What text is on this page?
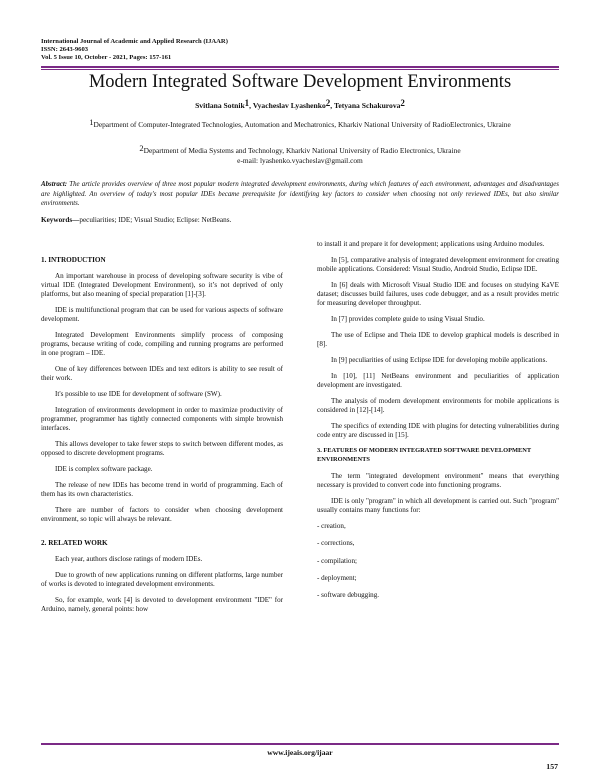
International Journal of Academic and Applied Research (IJAAR)
ISSN: 2643-9603
Vol. 5 Issue 10, October - 2021, Pages: 157-161
Modern Integrated Software Development Environments
Svitlana Sotnik$^1$, Vyacheslav Lyashenko$^2$, Tetyana Schakurova$^2$
$^1$Department of Computer-Integrated Technologies, Automation and Mechatronics, Kharkiv National University of RadioElectronics, Ukraine
$^2$Department of Media Systems and Technology, Kharkiv National University of Radio Electronics, Ukraine
e-mail: lyashenko.vyacheslav@gmail.com
Abstract: The article provides overview of three most popular modern integrated development environments, during which features of each environment, advantages and disadvantages are highlighted. An overview of today's most popular IDEs became prerequisite for identifying key factors to consider when choosing not only reviewed IDEs, but also similar environments.
Keywords—peculiarities; IDE; Visual Studio; Eclipse: NetBeans.
1. INTRODUCTION

An important warehouse in process of developing software security is vibe of virtual IDE (Integrated Development Environment), so it’s not deprived of only platforms, but also meaning of special preparation [1]-[3].

IDE is multifunctional program that can be used for various aspects of software development.

Integrated Development Environments simplify process of composing programs, because writing of code, compiling and running programs are performed in one program – IDE.

One of key differences between IDEs and text editors is ability to see result of their work.

It's possible to use IDE for development of software (SW).

Integration of environments development in order to maximize productivity of programmer, programmer has tightly connected components with simple brownish interfaces.

This allows developer to take fewer steps to switch between different modes, as opposed to discrete development programs.

IDE is complex software package.

The release of new IDEs has become trend in world of programming. Each of them has its own characteristics.

There are number of factors to consider when choosing development environment, so topic will always be relevant.

2. RELATED WORK

Each year, authors disclose ratings of modern IDEs.

Due to growth of new applications running on different platforms, large number of works is devoted to integrated development environments.

So, for example, work [4] is devoted to development environment "IDE" for Arduino, namely, general points: how

to install it and prepare it for development; applications using Arduino modules.

In [5], comparative analysis of integrated development environment for creating mobile applications. Considered: Visual Studio, Android Studio, Eclipse IDE.

In [6] deals with Microsoft Visual Studio IDE and focuses on studying KaVE dataset; discusses build failures, uses code debugger, and as a result provides metric for measuring developer throughput.

In [7] provides complete guide to using Visual Studio.

The use of Eclipse and Theia IDE to develop graphical models is described in [8].

In [9] peculiarities of using Eclipse IDE for developing mobile applications.

In [10], [11] NetBeans environment and peculiarities of application development are investigated.

The analysis of modern development environments for mobile applications is considered in [12]-[14].

The specifics of extending IDE with plugins for detecting vulnerabilities during code entry are discussed in [15].

3. FEATURES OF MODERN INTEGRATED SOFTWARE DEVELOPMENT ENVIRONMENTS

The term "integrated development environment" means that everything necessary is provided to convert code into functioning programs.

IDE is only "program" in which all development is carried out. Such "program" usually contains many functions for:

- creation,

- corrections,

- compilation;

- deployment;

- software debugging.

www.ijeais.org/ijaar
157
